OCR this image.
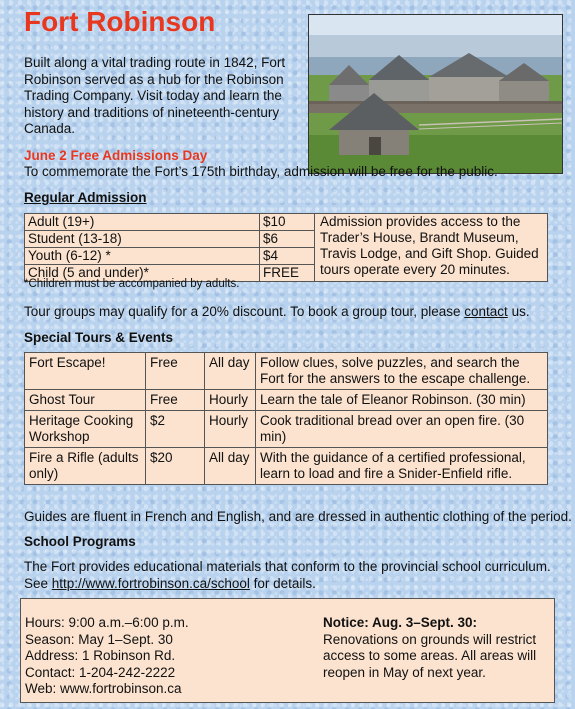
Fort Robinson
Built along a vital trading route in 1842, Fort Robinson served as a hub for the Robinson Trading Company. Visit today and learn the history and traditions of nineteenth-century Canada.
June 2 Free Admissions Day
To commemorate the Fort’s 175th birthday, admission will be free for the public.
Regular Admission
Adult (19+)	$10	Admission provides access to the Trader’s House, Brandt Museum, Travis Lodge, and Gift Shop. Guided tours operate every 20 minutes.
Student (13-18)	$6	
Youth (6-12) *	$4	
Child (5 and under)*	FREE	
*Children must be accompanied by adults.
Tour groups may qualify for a 20% discount. To book a group tour, please contact us.
Special Tours & Events
Fort Escape!	Free	All day	Follow clues, solve puzzles, and search the Fort for the answers to the escape challenge.
Ghost Tour	Free	Hourly	Learn the tale of Eleanor Robinson. (30 min)
Heritage Cooking Workshop	$2	Hourly	Cook traditional bread over an open fire. (30 min)
Fire a Rifle (adults only)	$20	All day	With the guidance of a certified professional, learn to load and fire a Snider-Enfield rifle.
Guides are fluent in French and English, and are dressed in authentic clothing of the period.
School Programs
The Fort provides educational materials that conform to the provincial school curriculum. See http://www.fortrobinson.ca/school for details.
Hours: 9:00 a.m.–6:00 p.m.
Season: May 1–Sept. 30
Address: 1 Robinson Rd.
Contact: 1-204-242-2222
Web: www.fortrobinson.ca
Notice: Aug. 3–Sept. 30:
Renovations on grounds will restrict access to some areas. All areas will reopen in May of next year.
